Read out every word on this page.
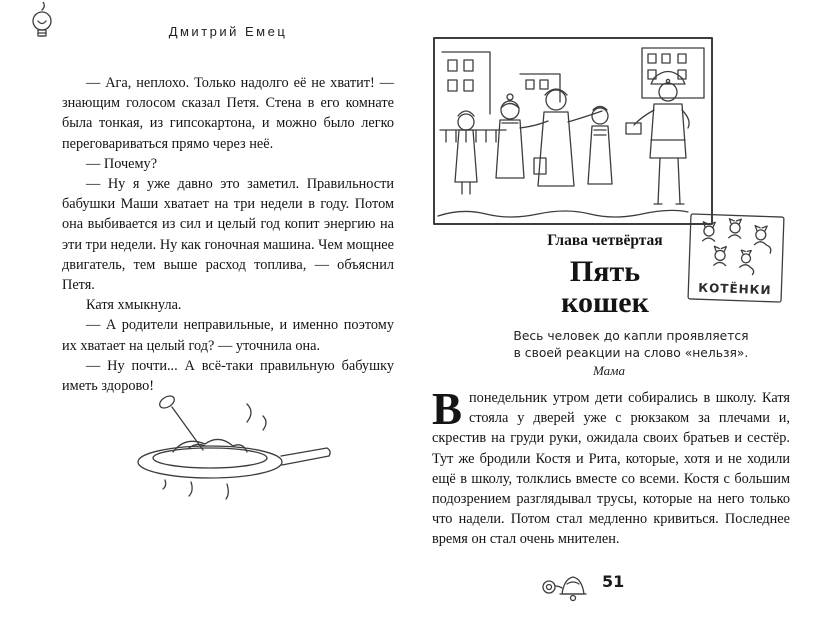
Дмитрий Емец

— Ага, неплохо. Только надолго её не хватит! — знающим голосом сказал Петя. Стена в его комнате была тонкая, из гипсокартона, и можно было легко переговариваться прямо через неё.

— Почему?

— Ну я уже давно это заметил. Правильности бабушки Маши хватает на три недели в году. Потом она выбивается из сил и целый год копит энергию на эти три недели. Ну как гоночная машина. Чем мощнее двигатель, тем выше расход топлива, — объяснил Петя.

Катя хмыкнула.

— А родители неправильные, и именно поэтому их хватает на целый год? — уточнила она.

— Ну почти... А всё-таки правильную бабушку иметь здорово!

Глава четвёртая
Пять
кошек	КОТЁНКИ
Весь человек до капли проявляется
в своей реакции на слово «нельзя».
Мама
В понедельник утром дети собирались в школу. Катя стояла у дверей уже с рюкзаком за плечами и, скрестив на груди руки, ожидала своих братьев и сестёр. Тут же бродили Костя и Рита, которые, хотя и не ходили ещё в школу, толклись вместе со всеми. Костя с большим подозрением разглядывал трусы, которые на него только что надели. Потом стал медленно кривиться. Последнее время он стал очень мнителен.
51
